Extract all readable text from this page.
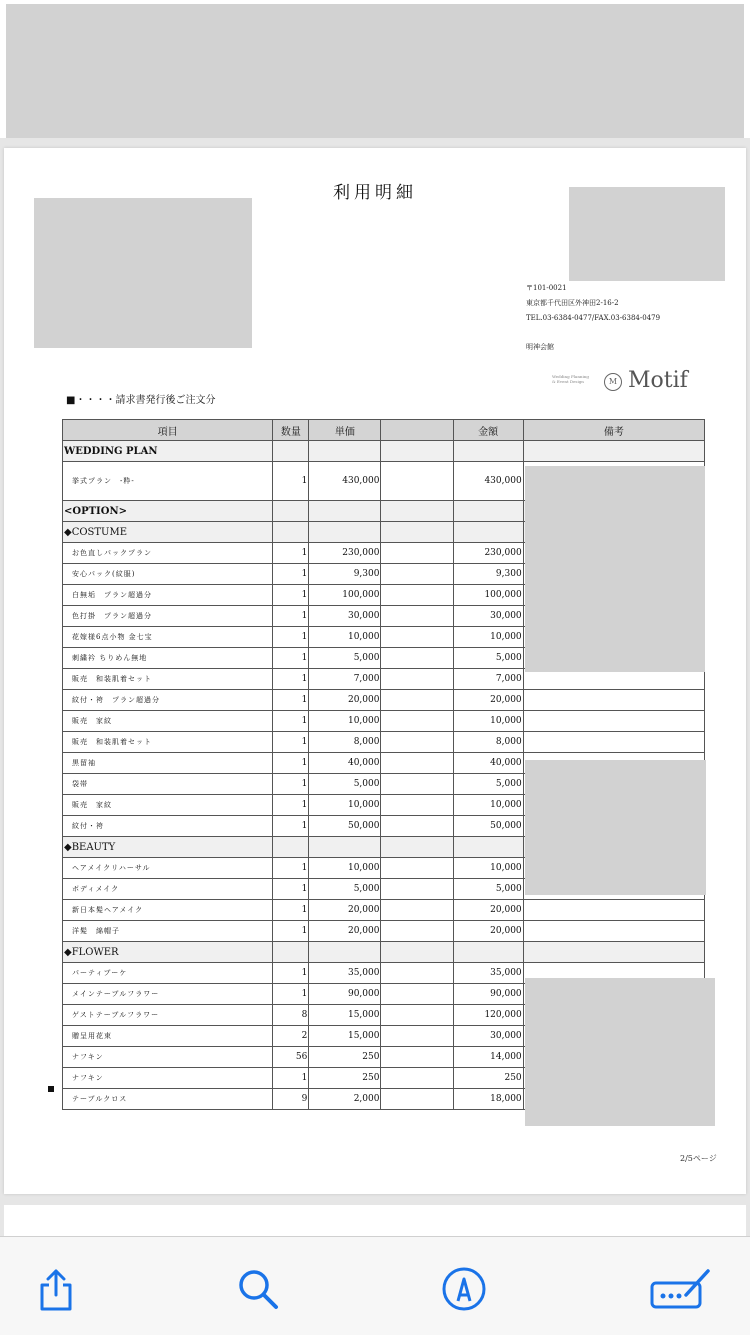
利用明細
〒101-0021
東京都千代田区外神田2-16-2
TEL.03-6384-0477/FAX.03-6384-0479
明神会館
Wedding Planning
& Event Design	M Motif
■・・・・請求書発行後ご注文分
項目	数量	単価		金額	備考
WEDDING PLAN					
挙式プラン　-粋-	1	430,000		430,000	
<OPTION>					
◆COSTUME					
お色直しパックプラン	1	230,000		230,000	
安心パック(紋服)	1	9,300		9,300	
白無垢　プラン超過分	1	100,000		100,000	
色打掛　プラン超過分	1	30,000		30,000	
花嫁様6点小物 金七宝	1	10,000		10,000	
刺繍衿 ちりめん無地	1	5,000		5,000	
販売　和装肌着セット	1	7,000		7,000	
紋付・袴　プラン超過分	1	20,000		20,000	
販売　家紋	1	10,000		10,000	
販売　和装肌着セット	1	8,000		8,000	
黒留袖	1	40,000		40,000	
袋帯	1	5,000		5,000	
販売　家紋	1	10,000		10,000	
紋付・袴	1	50,000		50,000	
◆BEAUTY					
ヘアメイクリハーサル	1	10,000		10,000	
ボディメイク	1	5,000		5,000	
新日本髪ヘアメイク	1	20,000		20,000	
洋髪　綿帽子	1	20,000		20,000	
◆FLOWER					
パーティブーケ	1	35,000		35,000	
メインテーブルフラワー	1	90,000		90,000	
ゲストテーブルフラワー	8	15,000		120,000	
贈呈用花束	2	15,000		30,000	
ナフキン	56	250		14,000	
ナフキン	1	250		250	
テーブルクロス	9	2,000		18,000	
2/5ページ
